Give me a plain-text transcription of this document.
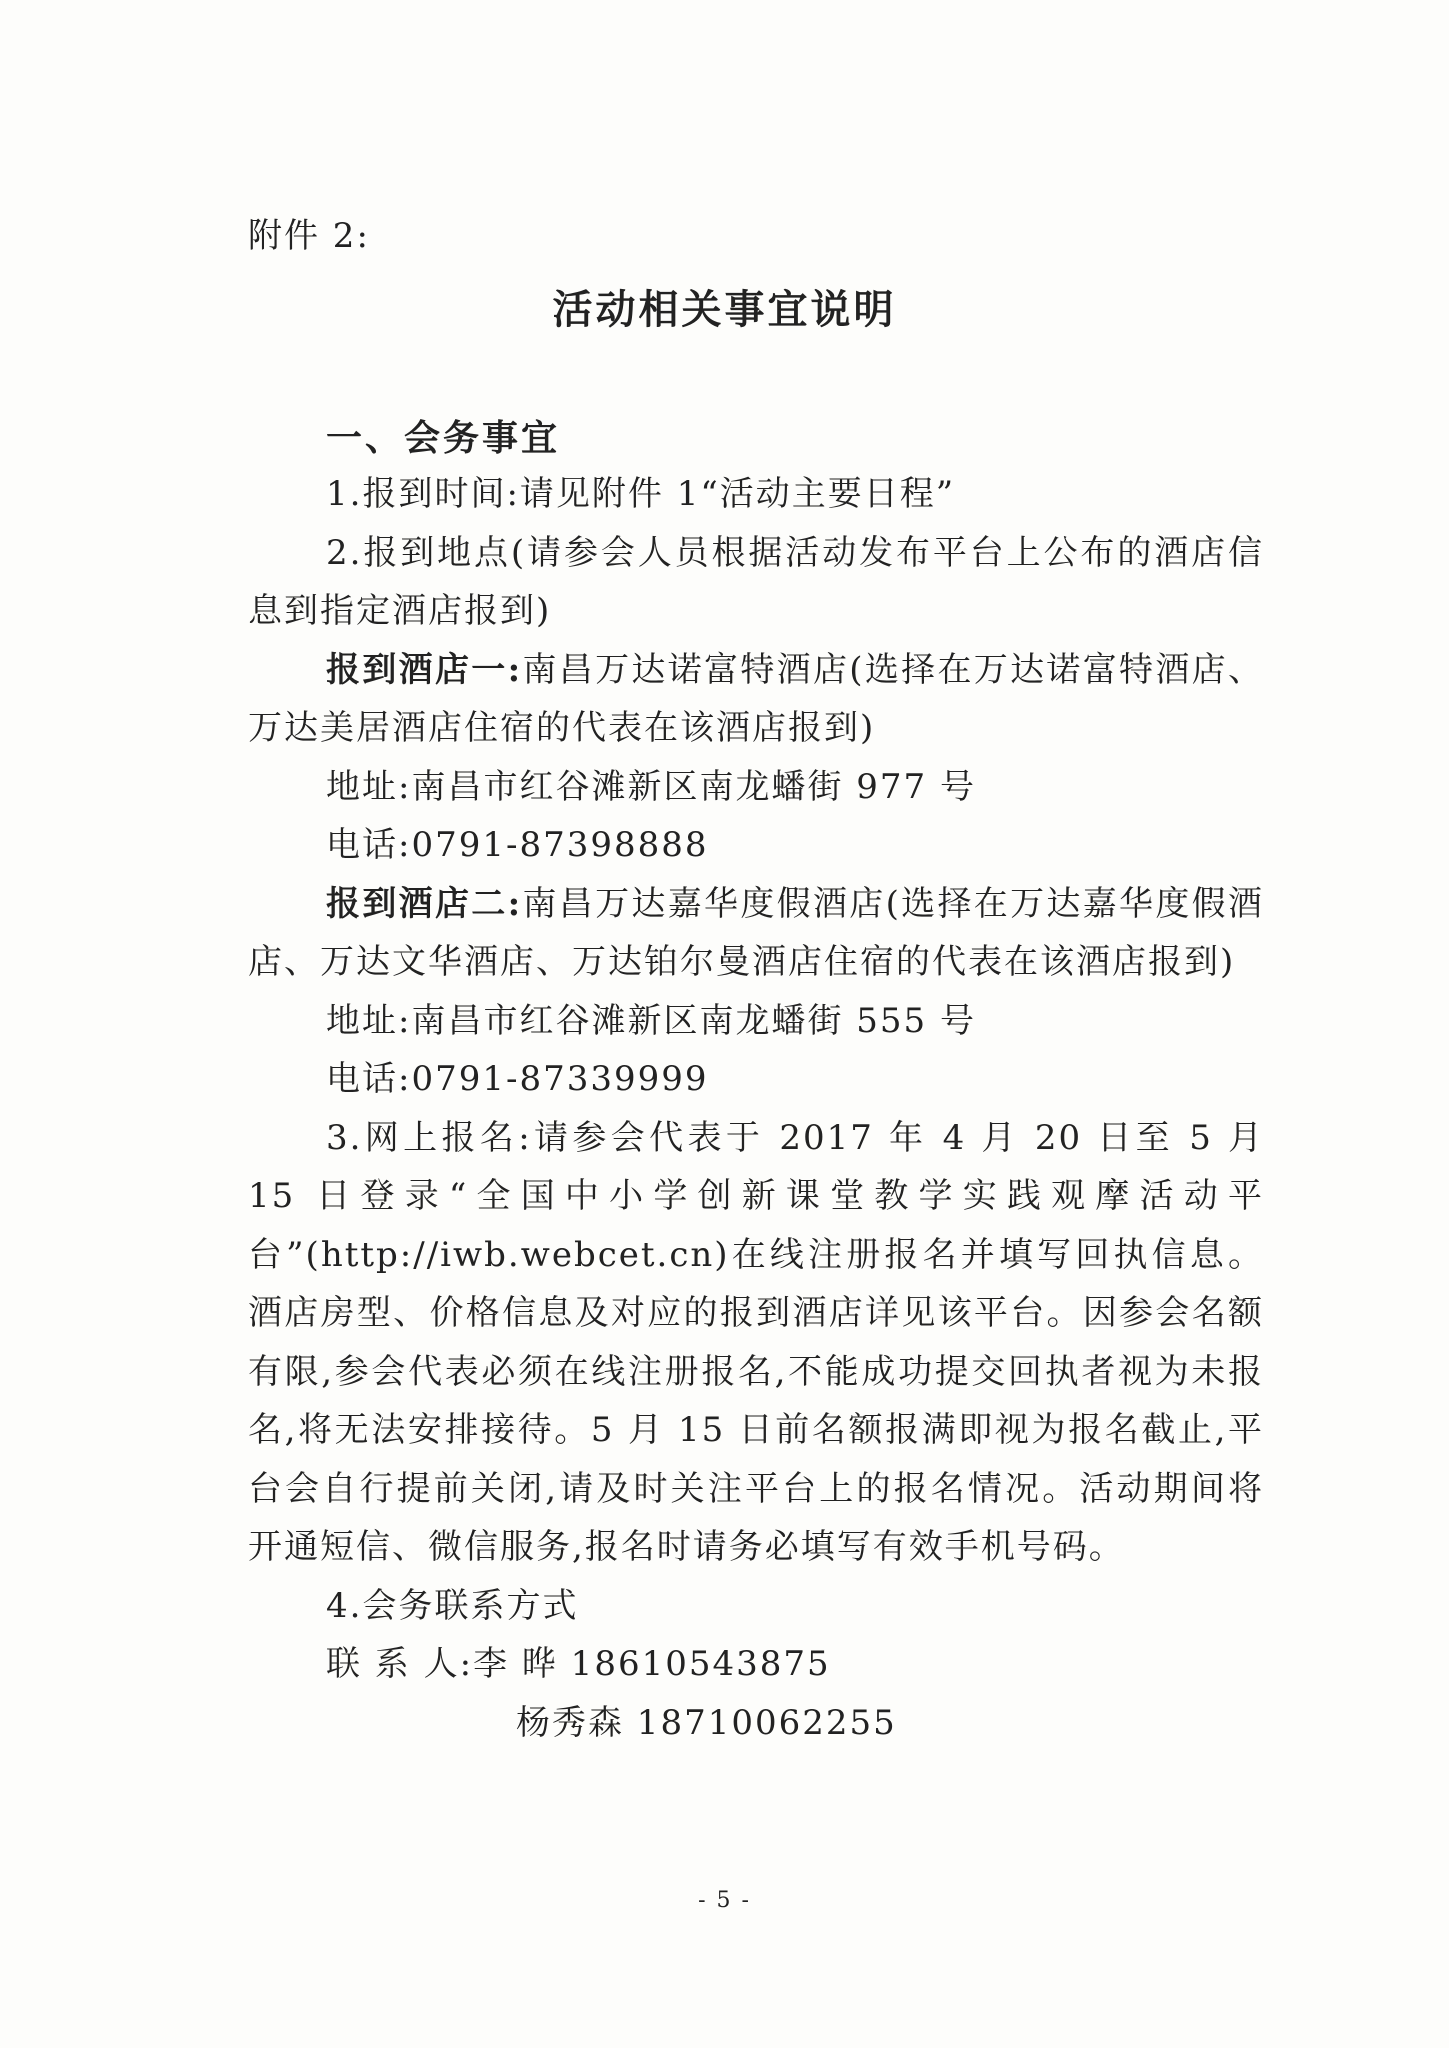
附件 2:
活动相关事宜说明
一、会务事宜

1.报到时间:请见附件 1“活动主要日程”

2.报到地点(请参会人员根据活动发布平台上公布的酒店信息到指定酒店报到)

报到酒店一:南昌万达诺富特酒店(选择在万达诺富特酒店、万达美居酒店住宿的代表在该酒店报到)

地址:南昌市红谷滩新区南龙蟠街 977 号

电话:0791-87398888

报到酒店二:南昌万达嘉华度假酒店(选择在万达嘉华度假酒店、万达文华酒店、万达铂尔曼酒店住宿的代表在该酒店报到)

地址:南昌市红谷滩新区南龙蟠街 555 号

电话:0791-87339999

3.网上报名:请参会代表于 2017 年 4 月 20 日至 5 月 15 日登录“全国中小学创新课堂教学实践观摩活动平台”(http://iwb.webcet.cn)在线注册报名并填写回执信息。酒店房型、价格信息及对应的报到酒店详见该平台。因参会名额有限,参会代表必须在线注册报名,不能成功提交回执者视为未报名,将无法安排接待。5 月 15 日前名额报满即视为报名截止,平台会自行提前关闭,请及时关注平台上的报名情况。活动期间将开通短信、微信服务,报名时请务必填写有效手机号码。

4.会务联系方式

联 系 人:李 晔 18610543875

杨秀森 18710062255

- 5 -
